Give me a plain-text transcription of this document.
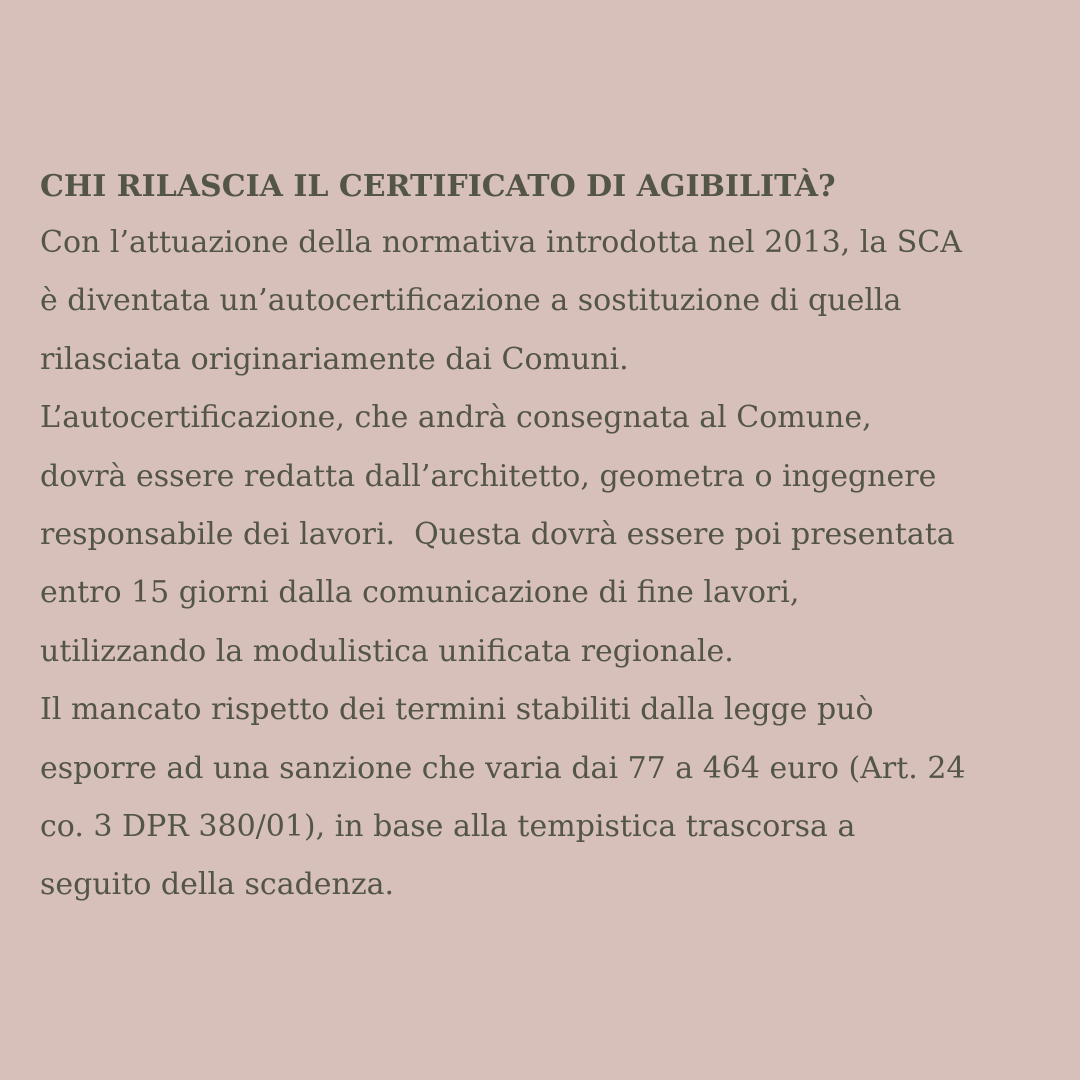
CHI RILASCIA IL CERTIFICATO DI AGIBILITÀ?
Con l’attuazione della normativa introdotta nel 2013, la SCA
è diventata un’autocertificazione a sostituzione di quella
rilasciata originariamente dai Comuni.
L’autocertificazione, che andrà consegnata al Comune,
dovrà essere redatta dall’architetto, geometra o ingegnere
responsabile dei lavori.  Questa dovrà essere poi presentata
entro 15 giorni dalla comunicazione di fine lavori,
utilizzando la modulistica unificata regionale.
Il mancato rispetto dei termini stabiliti dalla legge può
esporre ad una sanzione che varia dai 77 a 464 euro (Art. 24
co. 3 DPR 380/01), in base alla tempistica trascorsa a
seguito della scadenza.
